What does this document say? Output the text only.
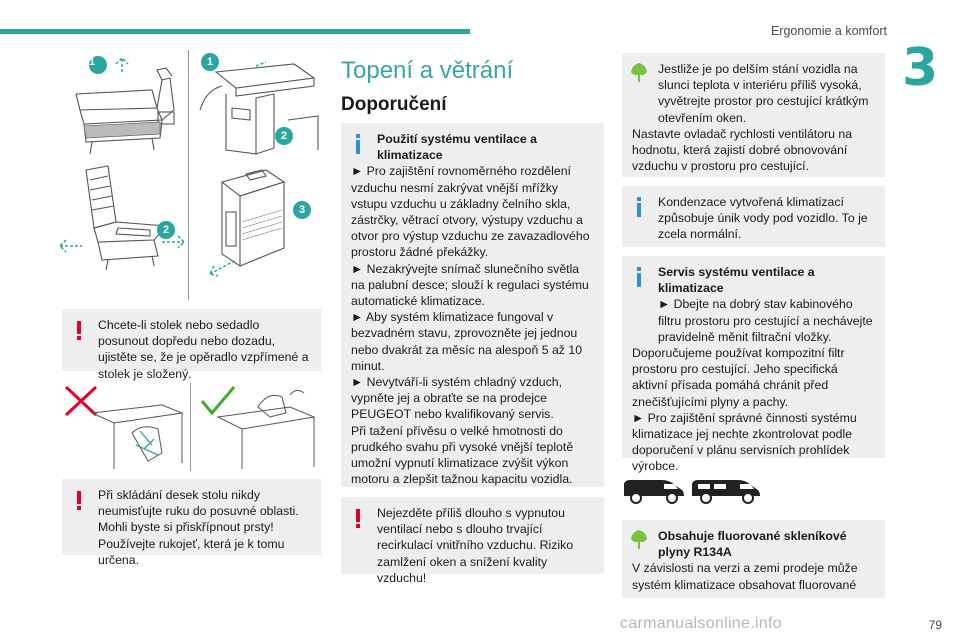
Ergonomie a komfort
3
1	1
2
2
3

Chcete-li stolek nebo sedadlo posunout dopředu nebo dozadu, ujistěte se, že je opěradlo vzpřímené a stolek je složený.

Při skládání desek stolu nikdy neumisťujte ruku do posuvné oblasti. Mohli byste si přiskřípnout prsty! Používejte rukojeť, která je k tomu určena.

Topení a větrání
Doporučení

Použití systému ventilace a klimatizace

► Pro zajištění rovnoměrného rozdělení vzduchu nesmí zakrývat vnější mřížky vstupu vzduchu u základny čelního skla, zástrčky, větrací otvory, výstupy vzduchu a otvor pro výstup vzduchu ze zavazadlového prostoru žádné překážky.

► Nezakrývejte snímač slunečního světla na palubní desce; slouží k regulaci systému automatické klimatizace.

► Aby systém klimatizace fungoval v bezvadném stavu, zprovozněte jej jednou nebo dvakrát za měsíc na alespoň 5 až 10 minut.

► Nevytváří-li systém chladný vzduch, vypněte jej a obraťte se na prodejce PEUGEOT nebo kvalifikovaný servis.

Při tažení přívěsu o velké hmotnosti do prudkého svahu při vysoké vnější teplotě umožní vypnutí klimatizace zvýšit výkon motoru a zlepšit tažnou kapacitu vozidla.

Nejezděte příliš dlouho s vypnutou ventilací nebo s dlouho trvající recirkulací vnitřního vzduchu. Riziko zamlžení oken a snížení kvality vzduchu!

Jestliže je po delším stání vozidla na slunci teplota v interiéru příliš vysoká, vyvětrejte prostor pro cestující krátkým otevřením oken.

Nastavte ovladač rychlosti ventilátoru na hodnotu, která zajistí dobré obnovování vzduchu v prostoru pro cestující.

Kondenzace vytvořená klimatizací způsobuje únik vody pod vozidlo. To je zcela normální.

Servis systému ventilace a klimatizace

► Dbejte na dobrý stav kabinového filtru prostoru pro cestující a nechávejte pravidelně měnit filtrační vložky.

Doporučujeme používat kompozitní filtr prostoru pro cestující. Jeho specifická aktivní přísada pomáhá chránit před znečišťujícími plyny a pachy.

► Pro zajištění správné činnosti systému klimatizace jej nechte zkontrolovat podle doporučení v plánu servisních prohlídek výrobce.

Obsahuje fluorované skleníkové plyny R134A

V závislosti na verzi a zemi prodeje může systém klimatizace obsahovat fluorované

79
carmanualsonline.info
